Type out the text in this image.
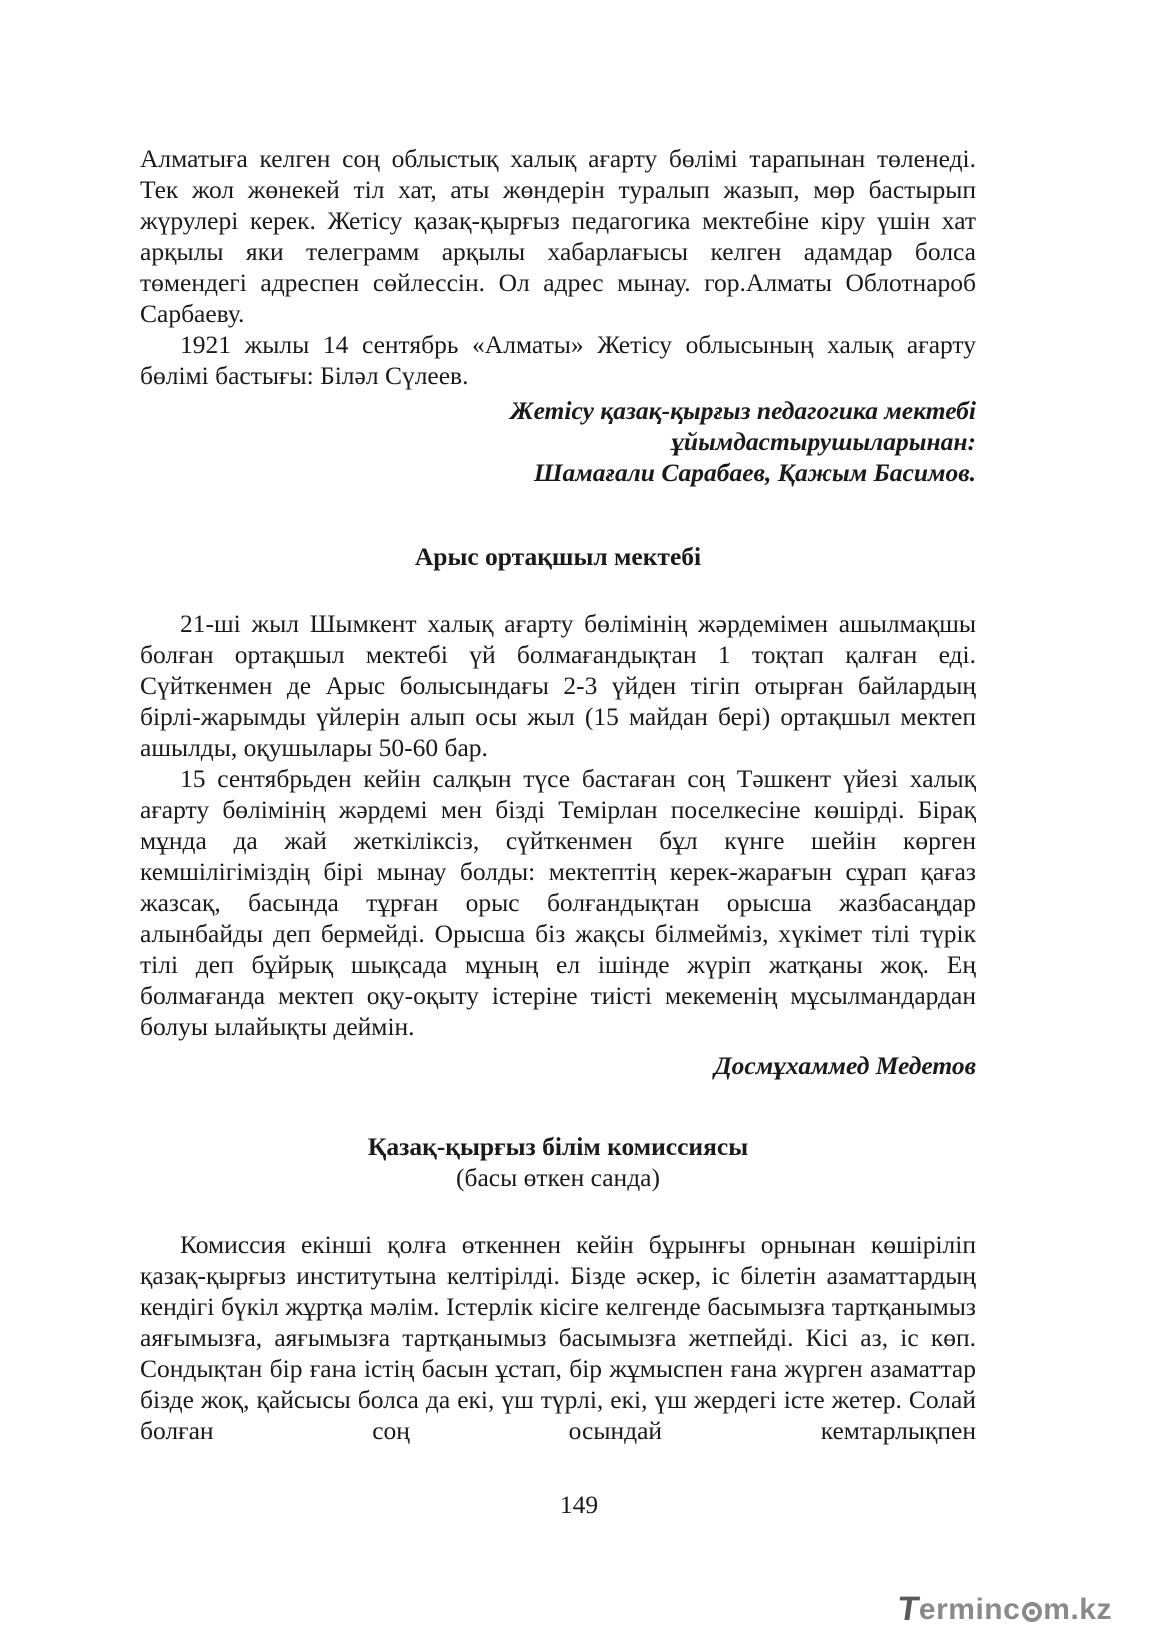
Алматыға келген соң облыстық халық ағарту бөлімі тарапынан төленеді. Тек жол жөнекей тіл хат, аты жөндерін туралып жазып, мөр бастырып жүрулері керек. Жетісу қазақ-қырғыз педагогика мектебіне кіру үшін хат арқылы яки телеграмм арқылы хабарлағысы келген адамдар болса төмендегі адреспен сөйлессін. Ол адрес мынау. гор.Алматы Облотнароб Сарбаеву.

1921 жылы 14 сентябрь «Алматы» Жетісу облысының халық ағарту бөлімі бастығы: Біләл Сүлеев.

Жетісу қазақ-қырғыз педагогика мектебі
ұйымдастырушыларынан:
Шамағали Сарабаев, Қажым Басимов.
Арыс ортақшыл мектебі

21-ші жыл Шымкент халық ағарту бөлімінің жәрдемімен ашылмақшы болған ортақшыл мектебі үй болмағандықтан 1 тоқтап қалған еді. Сүйткенмен де Арыс болысындағы 2-3 үйден тігіп отырған байлардың бірлі-жарымды үйлерін алып осы жыл (15 майдан бері) ортақшыл мектеп ашылды, оқушылары 50-60 бар.

15 сентябрьден кейін салқын түсе бастаған соң Тәшкент үйезі халық ағарту бөлімінің жәрдемі мен бізді Темірлан поселкесіне көшірді. Бірақ мұнда да жай жеткіліксіз, сүйткенмен бұл күнге шейін көрген кемшілігіміздің бірі мынау болды: мектептің керек-жарағын сұрап қағаз жазсақ, басында тұрған орыс болғандықтан орысша жазбасаңдар алынбайды деп бермейді. Орысша біз жақсы білмейміз, хүкімет тілі түрік тілі деп бұйрық шықсада мұның ел ішінде жүріп жатқаны жоқ. Ең болмағанда мектеп оқу-оқыту істеріне тиісті мекеменің мұсылмандардан болуы ылайықты деймін.

Досмұхаммед Медетов
Қазақ-қырғыз білім комиссиясы
(басы өткен санда)

Комиссия екінші қолға өткеннен кейін бұрынғы орнынан көшіріліп қазақ-қырғыз институтына келтірілді. Бізде әскер, іс білетін азаматтардың кендігі бүкіл жұртқа мәлім. Істерлік кісіге келгенде басымызға тартқанымыз аяғымызға, аяғымызға тартқанымыз басымызға жетпейді. Кісі аз, іс көп. Сондықтан бір ғана істің басын ұстап, бір жұмыспен ғана жүрген азаматтар бізде жоқ, қайсысы болса да екі, үш түрлі, екі, үш жердегі істе жетер. Солай болған соң осындай кемтарлықпен

149
T
erminc m.kz
